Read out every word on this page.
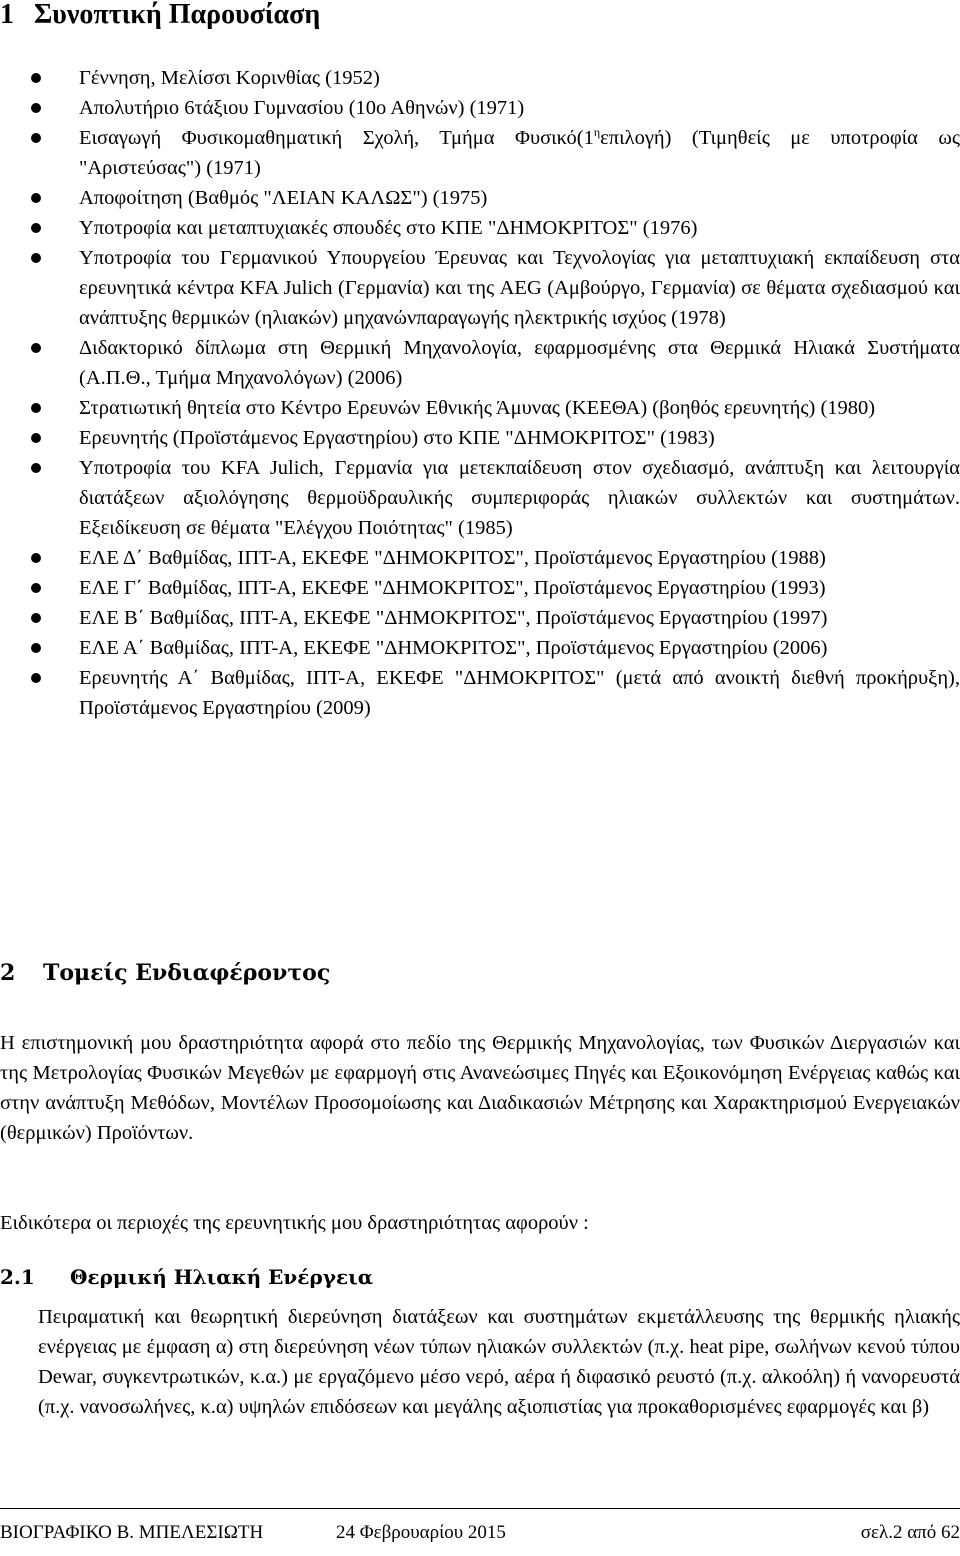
1 Συνοπτική Παρουσίαση
Γέννηση, Μελίσσι Κορινθίας (1952)
Απολυτήριο 6τάξιου Γυμνασίου (10ο Αθηνών) (1971)
Εισαγωγή Φυσικομαθηματική Σχολή, Τμήμα $\Phi\upsilon\sigma\iota\kappa ό(1^\eta\varepsilon\pi\iota\lambda o\gamma ή)$ (Τιμηθείς με υποτροφία ως "Αριστεύσας") (1971)
Αποφοίτηση (Βαθμός "ΛΕΙΑΝ ΚΑΛΩΣ") (1975)
Υποτροφία και μεταπτυχιακές σπουδές στο ΚΠΕ "ΔΗΜΟΚΡΙΤΟΣ" (1976)
Υποτροφία του Γερμανικού Υπουργείου Έρευνας και Τεχνολογίας για μεταπτυχιακή εκπαίδευση στα ερευνητικά κέντρα KFA Julich (Γερμανία) και της AEG (Αμβούργο, Γερμανία) σε θέματα σχεδιασμού και ανάπτυξης θερμικών (ηλιακών) μηχανώνπαραγωγής ηλεκτρικής ισχύος (1978)
Διδακτορικό δίπλωμα στη Θερμική Μηχανολογία, εφαρμοσμένης στα Θερμικά Ηλιακά Συστήματα (Α.Π.Θ., Τμήμα Μηχανολόγων) (2006)
Στρατιωτική θητεία στο Κέντρο Ερευνών Εθνικής Άμυνας (ΚΕΕΘΑ) (βοηθός ερευνητής) (1980)
Ερευνητής (Προϊστάμενος Εργαστηρίου) στο ΚΠΕ "ΔΗΜΟΚΡΙΤΟΣ" (1983)
Υποτροφία του KFA Julich, Γερμανία για μετεκπαίδευση στον σχεδιασμό, ανάπτυξη και λειτουργία διατάξεων αξιολόγησης θερμοϋδραυλικής συμπεριφοράς ηλιακών συλλεκτών και συστημάτων. Εξειδίκευση σε θέματα "Ελέγχου Ποιότητας" (1985)
ΕΛΕ Δ΄ Βαθμίδας, ΙΠΤ-Α, ΕΚΕΦΕ "ΔΗΜΟΚΡΙΤΟΣ", Προϊστάμενος Εργαστηρίου (1988)
ΕΛΕ Γ΄ Βαθμίδας, ΙΠΤ-Α, ΕΚΕΦΕ "ΔΗΜΟΚΡΙΤΟΣ", Προϊστάμενος Εργαστηρίου (1993)
ΕΛΕ Β΄ Βαθμίδας, ΙΠΤ-Α, ΕΚΕΦΕ "ΔΗΜΟΚΡΙΤΟΣ", Προϊστάμενος Εργαστηρίου (1997)
ΕΛΕ Α΄ Βαθμίδας, ΙΠΤ-Α, ΕΚΕΦΕ "ΔΗΜΟΚΡΙΤΟΣ", Προϊστάμενος Εργαστηρίου (2006)
Ερευνητής Α΄ Βαθμίδας, ΙΠΤ-Α, ΕΚΕΦΕ "ΔΗΜΟΚΡΙΤΟΣ" (μετά από ανοικτή διεθνή προκήρυξη), Προϊστάμενος Εργαστηρίου (2009)
2 Τομείς Ενδιαφέροντος

Η επιστημονική μου δραστηριότητα αφορά στο πεδίο της Θερμικής Μηχανολογίας, των Φυσικών Διεργασιών και της Μετρολογίας Φυσικών Μεγεθών με εφαρμογή στις Ανανεώσιμες Πηγές και Εξοικονόμηση Ενέργειας καθώς και στην ανάπτυξη Μεθόδων, Μοντέλων Προσομοίωσης και Διαδικασιών Μέτρησης και Χαρακτηρισμού Ενεργειακών (θερμικών) Προϊόντων.

Ειδικότερα οι περιοχές της ερευνητικής μου δραστηριότητας αφορούν :

2.1 Θερμική Ηλιακή Ενέργεια

Πειραματική και θεωρητική διερεύνηση διατάξεων και συστημάτων εκμετάλλευσης της θερμικής ηλιακής ενέργειας με έμφαση α) στη διερεύνηση νέων τύπων ηλιακών συλλεκτών (π.χ. heat pipe, σωλήνων κενού τύπου Dewar, συγκεντρωτικών, κ.α.) με εργαζόμενο μέσο νερό, αέρα ή διφασικό ρευστό (π.χ. αλκοόλη) ή νανορευστά (π.χ. νανοσωλήνες, κ.α) υψηλών επιδόσεων και μεγάλης αξιοπιστίας για προκαθορισμένες εφαρμογές και β)

ΒΙΟΓΡΑΦΙΚΟ Β. ΜΠΕΛΕΣΙΩΤΗ	24 Φεβρουαρίου 2015	σελ.2 από 62
